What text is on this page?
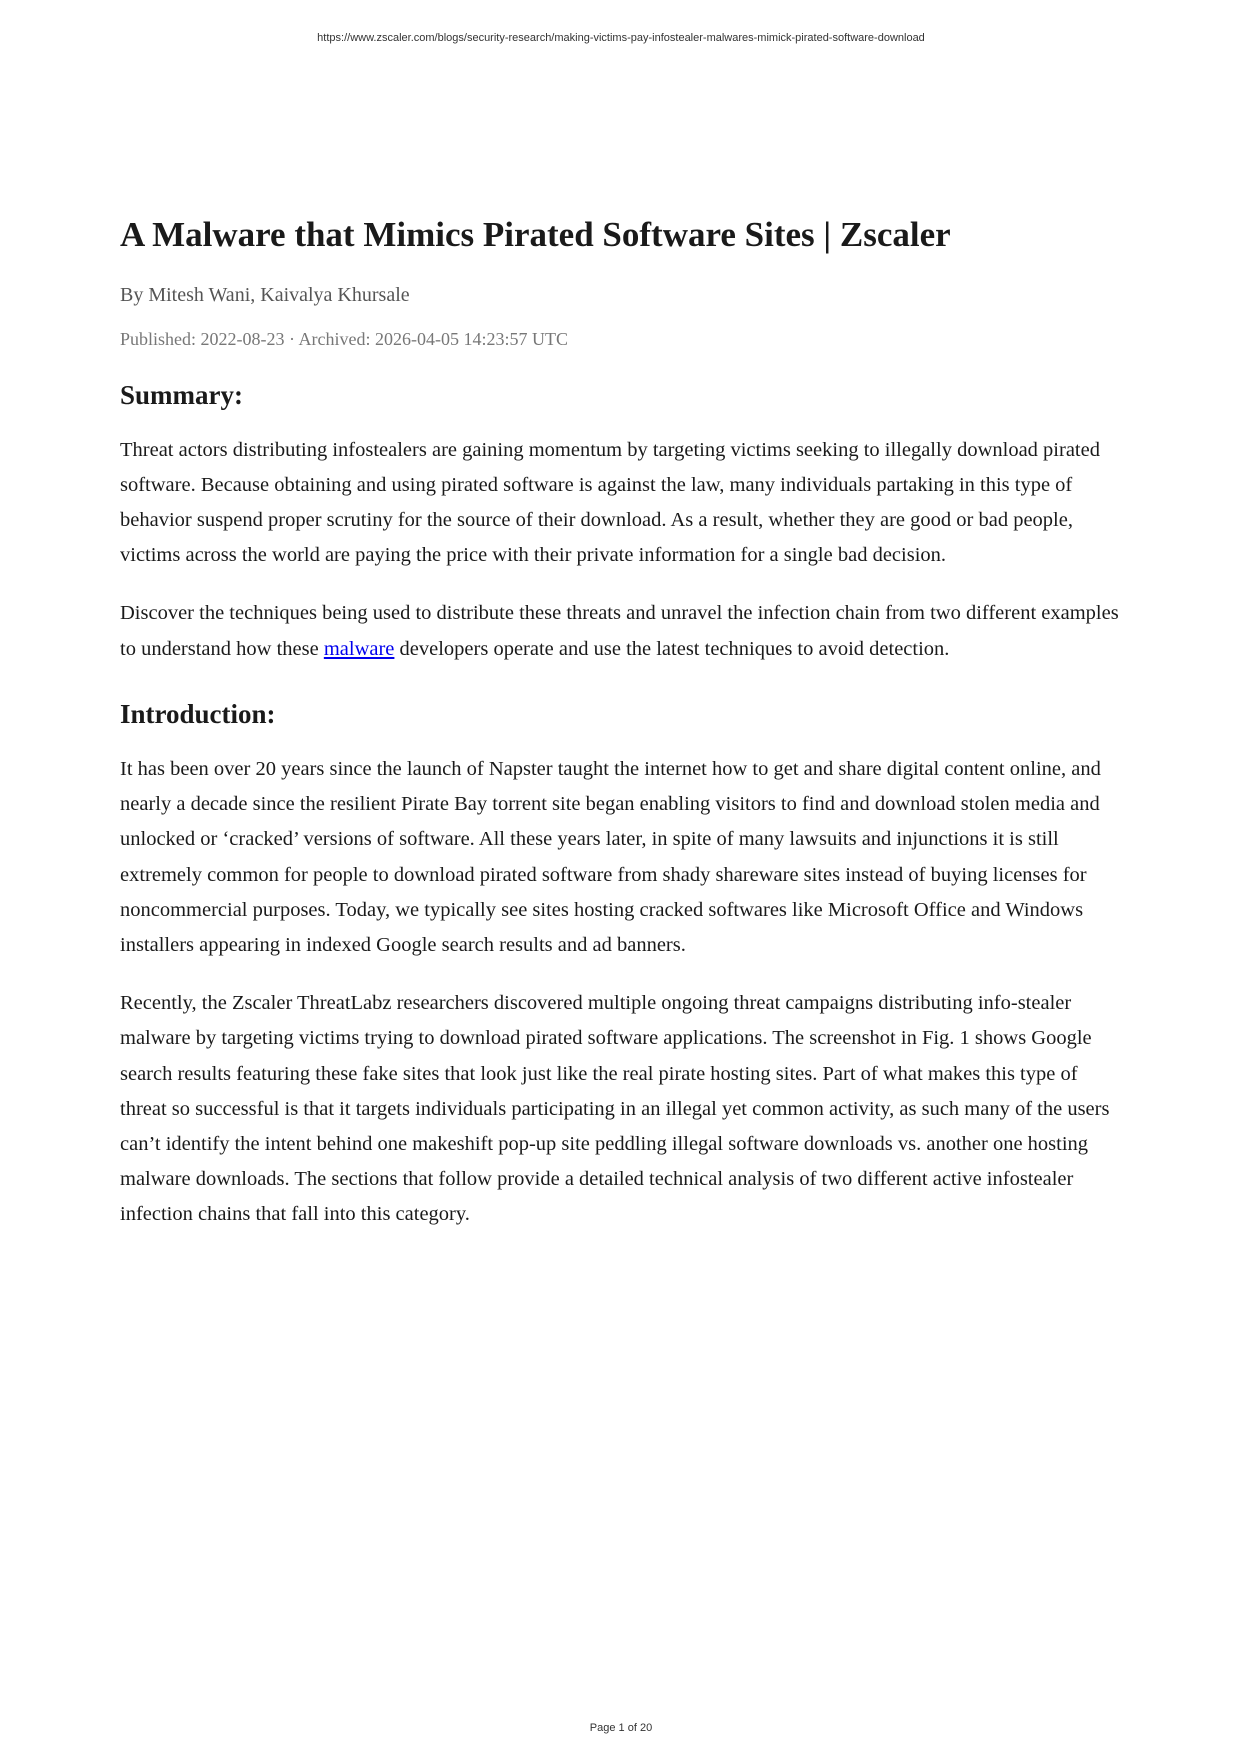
https://www.zscaler.com/blogs/security-research/making-victims-pay-infostealer-malwares-mimick-pirated-software-download
A Malware that Mimics Pirated Software Sites | Zscaler
By Mitesh Wani, Kaivalya Khursale
Published: 2022-08-23 · Archived: 2026-04-05 14:23:57 UTC
Summary:

Threat actors distributing infostealers are gaining momentum by targeting victims seeking to illegally download pirated software. Because obtaining and using pirated software is against the law, many individuals partaking in this type of behavior suspend proper scrutiny for the source of their download. As a result, whether they are good or bad people, victims across the world are paying the price with their private information for a single bad decision.

Discover the techniques being used to distribute these threats and unravel the infection chain from two different examples to understand how these malware developers operate and use the latest techniques to avoid detection.

Introduction:

It has been over 20 years since the launch of Napster taught the internet how to get and share digital content online, and nearly a decade since the resilient Pirate Bay torrent site began enabling visitors to find and download stolen media and unlocked or ‘cracked’ versions of software. All these years later, in spite of many lawsuits and injunctions it is still extremely common for people to download pirated software from shady shareware sites instead of buying licenses for noncommercial purposes. Today, we typically see sites hosting cracked softwares like Microsoft Office and Windows installers appearing in indexed Google search results and ad banners.

Recently, the Zscaler ThreatLabz researchers discovered multiple ongoing threat campaigns distributing info-stealer malware by targeting victims trying to download pirated software applications. The screenshot in Fig. 1 shows Google search results featuring these fake sites that look just like the real pirate hosting sites. Part of what makes this type of threat so successful is that it targets individuals participating in an illegal yet common activity, as such many of the users can’t identify the intent behind one makeshift pop-up site peddling illegal software downloads vs. another one hosting malware downloads. The sections that follow provide a detailed technical analysis of two different active infostealer infection chains that fall into this category.

Page 1 of 20
